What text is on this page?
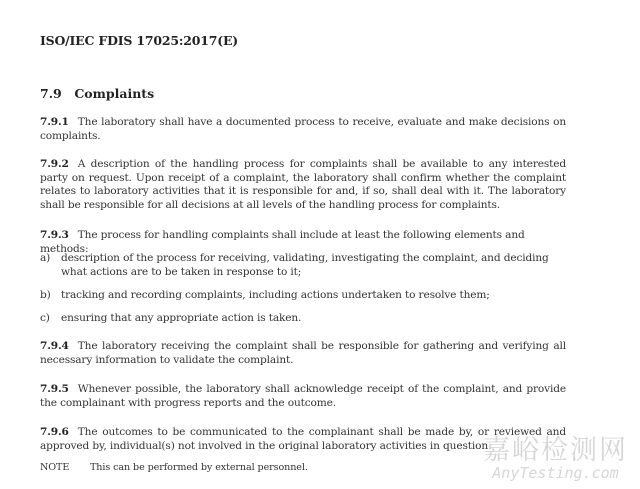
ISO/IEC FDIS 17025:2017(E)
7.9 Complaints
7.9.1 The laboratory shall have a documented process to receive, evaluate and make decisions on complaints.
7.9.2 A description of the handling process for complaints shall be available to any interested party on request. Upon receipt of a complaint, the laboratory shall confirm whether the complaint relates to laboratory activities that it is responsible for and, if so, shall deal with it. The laboratory shall be responsible for all decisions at all levels of the handling process for complaints.
7.9.3 The process for handling complaints shall include at least the following elements and methods:
a) description of the process for receiving, validating, investigating the complaint, and deciding what actions are to be taken in response to it;
b) tracking and recording complaints, including actions undertaken to resolve them;
c) ensuring that any appropriate action is taken.
7.9.4 The laboratory receiving the complaint shall be responsible for gathering and verifying all necessary information to validate the complaint.
7.9.5 Whenever possible, the laboratory shall acknowledge receipt of the complaint, and provide the complainant with progress reports and the outcome.
7.9.6 The outcomes to be communicated to the complainant shall be made by, or reviewed and approved by, individual(s) not involved in the original laboratory activities in question.
NOTE This can be performed by external personnel.
嘉峪检测网
AnyTesting.com
